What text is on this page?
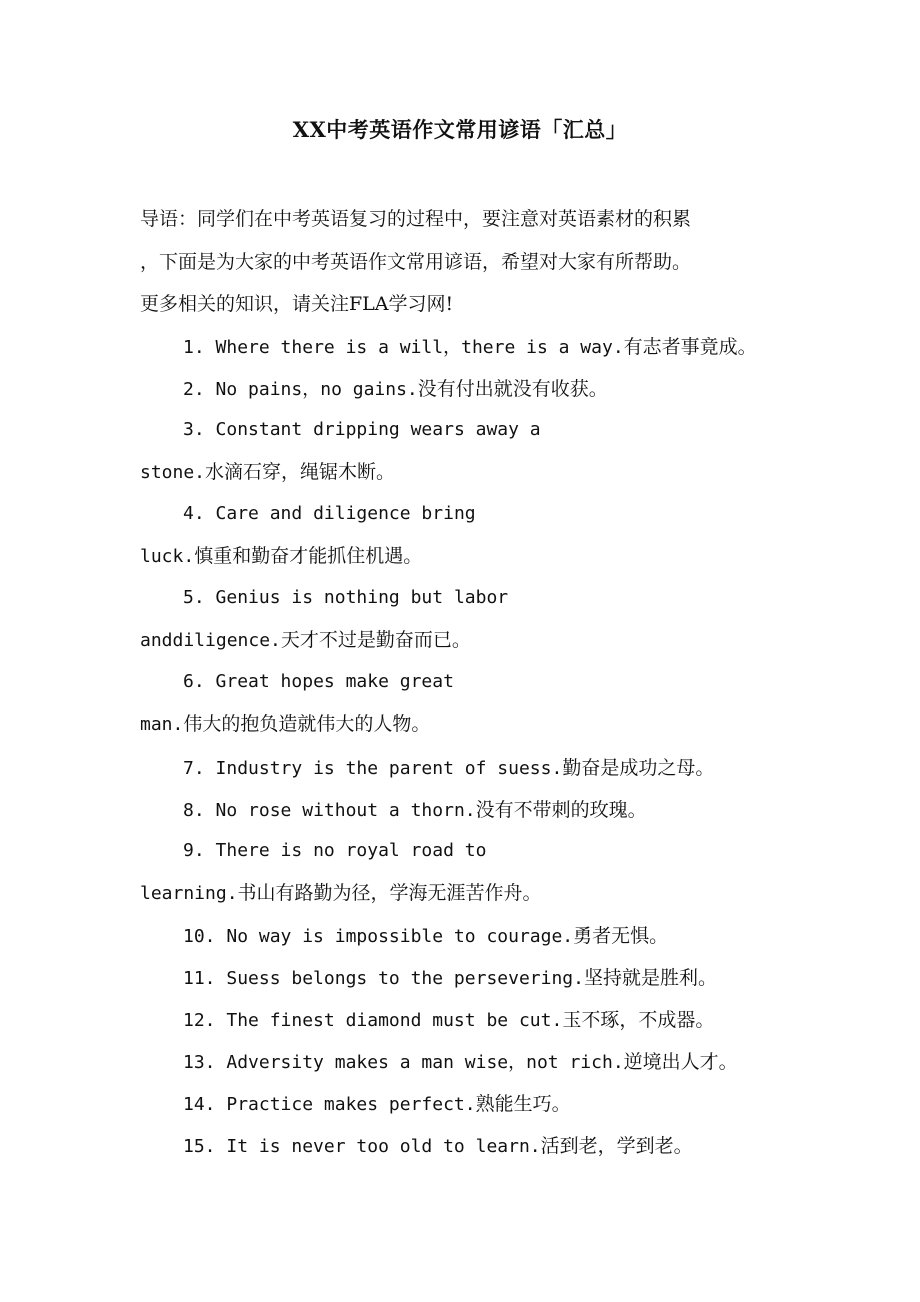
XX中考英语作文常用谚语「汇总」
导语：同学们在中考英语复习的过程中，要注意对英语素材的积累
，下面是为大家的中考英语作文常用谚语，希望对大家有所帮助。
更多相关的知识，请关注FLA学习网!
1. Where there is a will，there is a way.有志者事竟成。
2. No pains，no gains.没有付出就没有收获。
3. Constant dripping wears away a
stone.水滴石穿，绳锯木断。
4. Care and diligence bring
luck.慎重和勤奋才能抓住机遇。
5. Genius is nothing but labor
anddiligence.天才不过是勤奋而已。
6. Great hopes make great
man.伟大的抱负造就伟大的人物。
7. Industry is the parent of suess.勤奋是成功之母。
8. No rose without a thorn.没有不带刺的玫瑰。
9. There is no royal road to
learning.书山有路勤为径，学海无涯苦作舟。
10. No way is impossible to courage.勇者无惧。
11. Suess belongs to the persevering.坚持就是胜利。
12. The finest diamond must be cut.玉不琢，不成器。
13. Adversity makes a man wise，not rich.逆境出人才。
14. Practice makes perfect.熟能生巧。
15. It is never too old to learn.活到老，学到老。
